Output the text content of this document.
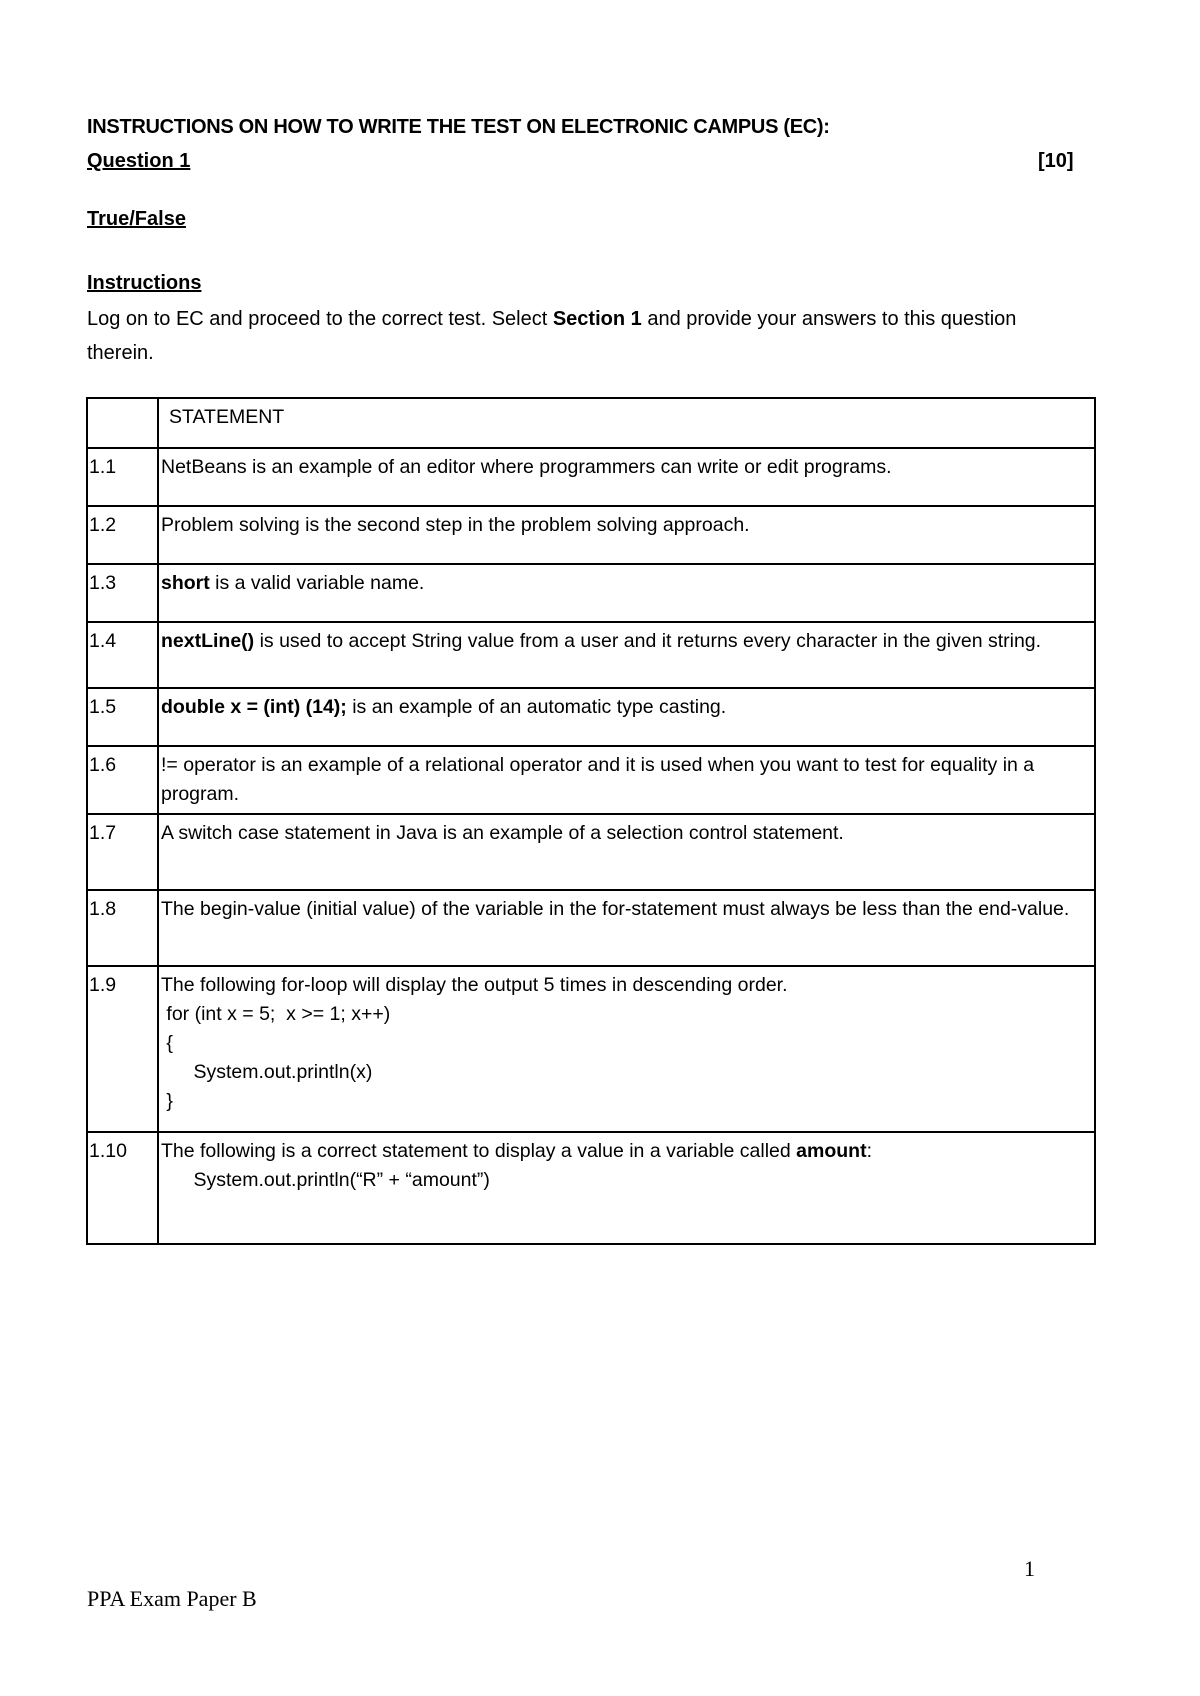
INSTRUCTIONS ON HOW TO WRITE THE TEST ON ELECTRONIC CAMPUS (EC):
Question 1	[10]
True/False
Instructions
Log on to EC and proceed to the correct test. Select Section 1 and provide your answers to this question therein.
	STATEMENT
1.1	NetBeans is an example of an editor where programmers can write or edit programs.

1.2	Problem solving is the second step in the problem solving approach.

1.3	short is a valid variable name.

1.4	nextLine() is used to accept String value from a user and it returns every character in the given string.

1.5	double x = (int) (14); is an example of an automatic type casting.

1.6	!= operator is an example of a relational operator and it is used when you want to test for equality in a program.

1.7	A switch case statement in Java is an example of a selection control statement.

1.8	The begin-value (initial value) of the variable in the for-statement must always be less than the end-value.

1.9	The following for-loop will display the output 5 times in descending order.
for (int x = 5;  x >= 1; x++)
{
System.out.println(x)
}

1.10	The following is a correct statement to display a value in a variable called amount:
System.out.println(“R” + “amount”)
1
PPA Exam Paper B
